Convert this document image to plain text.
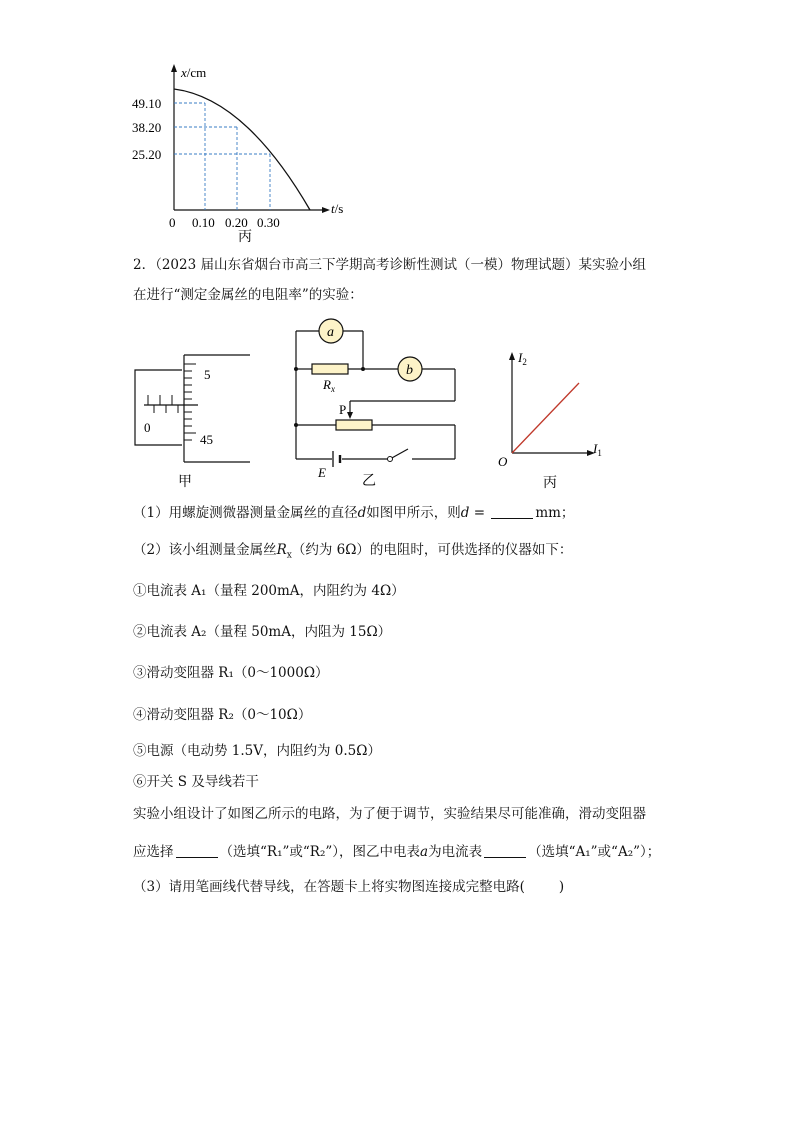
x/cm
49.10
38.20
25.20
0 0.10 0.20 0.30
t/s
丙
2．（2023 届山东省烟台市高三下学期高考诊断性测试（一模）物理试题）某实验小组
在进行“测定金属丝的电阻率”的实验：
5
0
45
甲
a
b
$R_x$
P
E
乙
$I_2$
$I_1$
O
丙
（1）用螺旋测微器测量金属丝的直径d如图甲所示，则d =	mm；
（2）该小组测量金属丝$R_x$（约为 6Ω）的电阻时，可供选择的仪器如下：
①电流表 A₁（量程 200mA，内阻约为 4Ω）
②电流表 A₂（量程 50mA，内阻为 15Ω）
③滑动变阻器 R₁（0～1000Ω）
④滑动变阻器 R₂（0～10Ω）
⑤电源（电动势 1.5V，内阻约为 0.5Ω）
⑥开关 S 及导线若干
实验小组设计了如图乙所示的电路，为了便于调节，实验结果尽可能准确，滑动变阻器
应选择	（选填“R₁”或“R₂”），图乙中电表a为电流表	（选填“A₁”或“A₂”）；
（3）请用笔画线代替导线，在答题卡上将实物图连接成完整电路(	)
